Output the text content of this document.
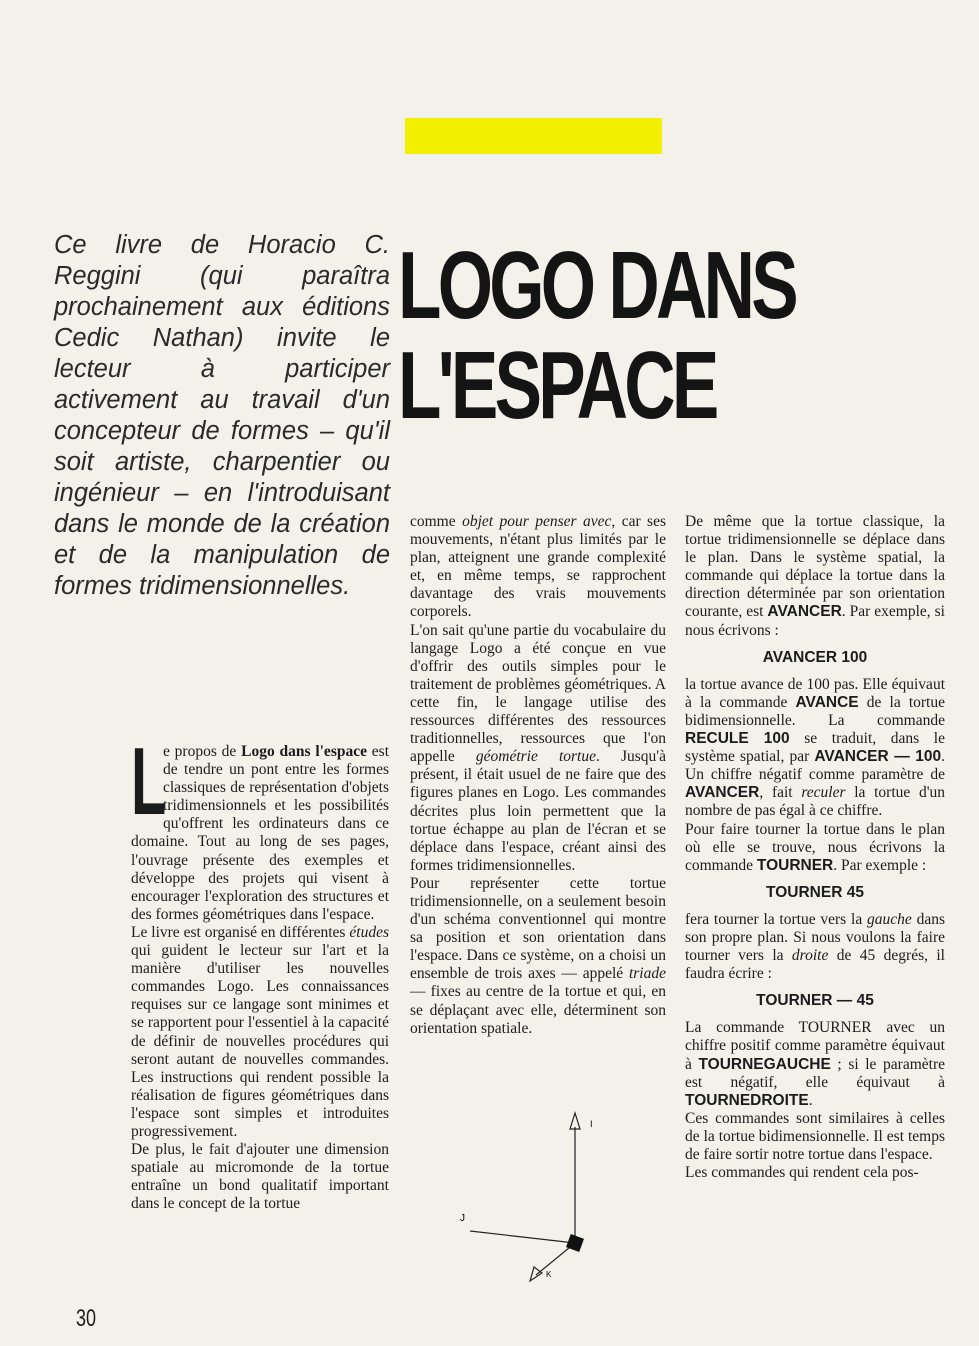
Ce livre de Horacio C. Reggini (qui paraîtra prochainement aux éditions Cedic Nathan) invite le lecteur à participer activement au travail d'un concepteur de formes – qu'il soit artiste, charpentier ou ingénieur – en l'introduisant dans le monde de la création et de la manipulation de formes tridimensionnelles.
LOGO DANS
L'ESPACE

L
e propos de Logo dans l'espace est de tendre un pont entre les formes classiques de représentation d'objets tridimensionnels et les possibilités qu'offrent les ordinateurs dans ce domaine. Tout au long de ses pages, l'ouvrage présente des exemples et développe des projets qui visent à encourager l'exploration des structures et des formes géométriques dans l'espace.

Le livre est organisé en différentes études qui guident le lecteur sur l'art et la manière d'utiliser les nouvelles commandes Logo. Les connaissances requises sur ce langage sont minimes et se rapportent pour l'essentiel à la capacité de définir de nouvelles procédures qui seront autant de nouvelles commandes. Les instructions qui rendent possible la réalisation de figures géométriques dans l'espace sont simples et introduites progressivement.

De plus, le fait d'ajouter une dimension spatiale au micromonde de la tortue entraîne un bond qualitatif important dans le concept de la tortue

comme objet pour penser avec, car ses mouvements, n'étant plus limités par le plan, atteignent une grande complexité et, en même temps, se rapprochent davantage des vrais mouvements corporels.

L'on sait qu'une partie du vocabulaire du langage Logo a été conçue en vue d'offrir des outils simples pour le traitement de problèmes géométriques. A cette fin, le langage utilise des ressources différentes des ressources traditionnelles, ressources que l'on appelle géométrie tortue. Jusqu'à présent, il était usuel de ne faire que des figures planes en Logo. Les commandes décrites plus loin permettent que la tortue échappe au plan de l'écran et se déplace dans l'espace, créant ainsi des formes tridimensionnelles.

Pour représenter cette tortue tridimensionnelle, on a seulement besoin d'un schéma conventionnel qui montre sa position et son orientation dans l'espace. Dans ce système, on a choisi un ensemble de trois axes — appelé triade — fixes au centre de la tortue et qui, en se déplaçant avec elle, déterminent son orientation spatiale.

De même que la tortue classique, la tortue tridimensionnelle se déplace dans le plan. Dans le système spatial, la commande qui déplace la tortue dans la direction déterminée par son orientation courante, est AVANCER. Par exemple, si nous écrivons :

AVANCER 100

la tortue avance de 100 pas. Elle équivaut à la commande AVANCE de la tortue bidimensionnelle. La commande RECULE 100 se traduit, dans le système spatial, par AVANCER — 100. Un chiffre négatif comme paramètre de AVANCER, fait reculer la tortue d'un nombre de pas égal à ce chiffre.

Pour faire tourner la tortue dans le plan où elle se trouve, nous écrivons la commande TOURNER. Par exemple :

TOURNER 45

fera tourner la tortue vers la gauche dans son propre plan. Si nous voulons la faire tourner vers la droite de 45 degrés, il faudra écrire :

TOURNER — 45

La commande TOURNER avec un chiffre positif comme paramètre équivaut à TOURNEGAUCHE ; si le paramètre est négatif, elle équivaut à TOURNEDROITE.

Ces commandes sont similaires à celles de la tortue bidimensionnelle. Il est temps de faire sortir notre tortue dans l'espace.

Les commandes qui rendent cela pos-

I
J
K
30
